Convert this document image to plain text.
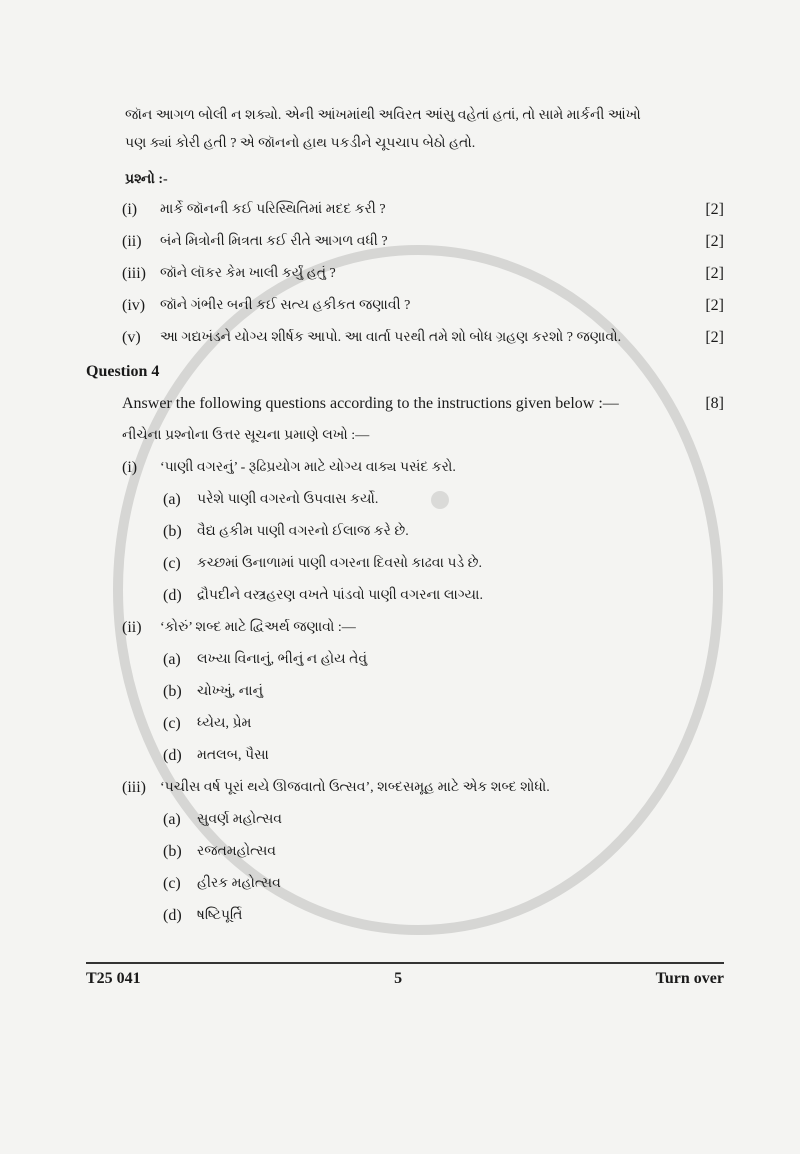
જૉન આગળ બોલી ન શક્યો. એની આંખમાંથી અવિરત આંસુ વહેતાં હતાં, તો સામે માર્કની આંખો
પણ ક્યાં કોરી હતી ? એ જૉનનો હાથ પકડીને ચૂપચાપ બેઠો હતો.
પ્રશ્નો :-
(i)	માર્કે જૉનની કઈ પરિસ્થિતિમાં મદદ કરી ?	[2]
(ii)	બંને મિત્રોની મિત્રતા કઈ રીતે આગળ વધી ?	[2]
(iii)	જૉને લૉકર કેમ ખાલી કર્યું હતું ?	[2]
(iv)	જૉને ગંભીર બની કઈ સત્ય હકીકત જણાવી ?	[2]
(v)	આ ગદ્યખંડને યોગ્ય શીર્ષક આપો. આ વાર્તા પરથી તમે શો બોધ ગ્રહણ કરશો ? જણાવો.	[2]
Question 4
Answer the following questions according to the instructions given below :—	[8]
નીચેના પ્રશ્નોના ઉત્તર સૂચના પ્રમાણે લખો :—
(i)	‘પાણી વગરનું’ - રૂઢિપ્રયોગ માટે યોગ્ય વાક્ય પસંદ કરો.
(a)	પરેશે પાણી વગરનો ઉપવાસ કર્યો.
(b)	વૈદ્ય હકીમ પાણી વગરનો ઈલાજ કરે છે.
(c)	કચ્છમાં ઉનાળામાં પાણી વગરના દિવસો કાઢવા પડે છે.
(d)	દ્રૌપદીને વસ્ત્રહરણ વખતે પાંડવો પાણી વગરના લાગ્યા.
(ii)	‘કોરું’ શબ્દ માટે દ્વિઅર્થ જણાવો :—
(a)	લખ્યા વિનાનું, ભીનું ન હોય તેવું
(b)	ચોખ્ખું, નાનું
(c)	ધ્યેય, પ્રેમ
(d)	મતલબ, પૈસા
(iii)	‘પચીસ વર્ષ પૂરાં થયે ઊજવાતો ઉત્સવ’, શબ્દસમૂહ માટે એક શબ્દ શોધો.
(a)	સુવર્ણ મહોત્સવ
(b)	રજતમહોત્સવ
(c)	હીરક મહોત્સવ
(d)	ષષ્ટિપૂર્તિ
T25 041	5	Turn over
